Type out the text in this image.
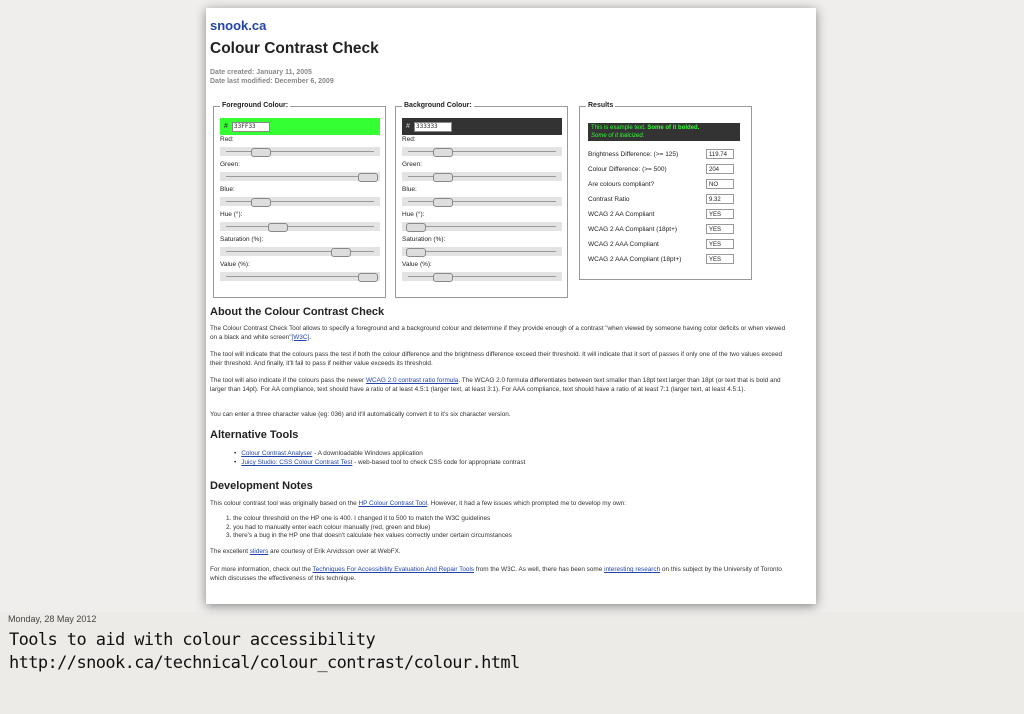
snook.ca
Colour Contrast Check
Date created: January 11, 2005
Date last modified: December 6, 2009
Foreground Colour:
#	33FF33
Red:
Green:
Blue:
Hue (°):
Saturation (%):
Value (%):
Background Colour:
#	333333
Red:
Green:
Blue:
Hue (°):
Saturation (%):
Value (%):
Results
This is example text. Some of it bolded.
Some of it italicized.
Brightness Difference: (>= 125)	119.74
Colour Difference: (>= 500)	204
Are colours compliant?	NO
Contrast Ratio	9.32
WCAG 2 AA Compliant	YES
WCAG 2 AA Compliant (18pt+)	YES
WCAG 2 AAA Compliant	YES
WCAG 2 AAA Compliant (18pt+)	YES
About the Colour Contrast Check

The Colour Contrast Check Tool allows to specify a foreground and a background colour and determine if they provide enough of a contrast "when viewed by someone having color deficits or when viewed on a black and white screen"[W3C].

The tool will indicate that the colours pass the test if both the colour difference and the brightness difference exceed their threshold. It will indicate that it sort of passes if only one of the two values exceed their threshold. And finally, it'll fail to pass if neither value exceeds its threshold.

The tool will also indicate if the colours pass the newer WCAG 2.0 contrast ratio formula. The WCAG 2.0 formula differentiates between text smaller than 18pt text larger than 18pt (or text that is bold and larger than 14pt). For AA compliance, text should have a ratio of at least 4.5:1 (larger text, at least 3:1). For AAA compliance, text should have a ratio of at least 7:1 (larger text, at least 4.5:1).

You can enter a three character value (eg: 036) and it'll automatically convert it to it's six character version.

Alternative Tools
• Colour Contrast Analyser - A downloadable Windows application
• Juicy Studio: CSS Colour Contrast Test - web-based tool to check CSS code for appropriate contrast
Development Notes

This colour contrast tool was originally based on the HP Colour Contrast Tool. However, it had a few issues which prompted me to develop my own:

1. the colour threshold on the HP one is 400. I changed it to 500 to match the W3C guidelines
2. you had to manually enter each colour manually (red, green and blue)
3. there's a bug in the HP one that doesn't calculate hex values correctly under certain circumstances

The excellent sliders are courtesy of Erik Arvidsson over at WebFX.

For more information, check out the Techniques For Accessibility Evaluation And Repair Tools from the W3C. As well, there has been some interesting research on this subject by the University of Toronto which discusses the effectiveness of this technique.

Monday, 28 May 2012
Tools to aid with colour accessibility
http://snook.ca/technical/colour_contrast/colour.html
